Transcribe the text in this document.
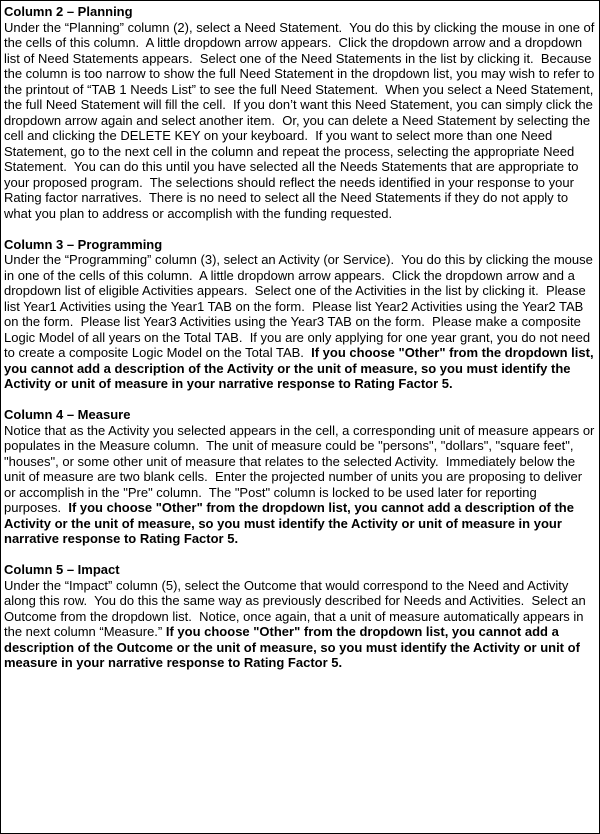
Column 2 – Planning

Under the “Planning” column (2), select a Need Statement.  You do this by clicking the mouse in one of the cells of this column.  A little dropdown arrow appears.  Click the dropdown arrow and a dropdown list of Need Statements appears.  Select one of the Need Statements in the list by clicking it.  Because the column is too narrow to show the full Need Statement in the dropdown list, you may wish to refer to the printout of “TAB 1 Needs List” to see the full Need Statement.  When you select a Need Statement, the full Need Statement will fill the cell.  If you don’t want this Need Statement, you can simply click the dropdown arrow again and select another item.  Or, you can delete a Need Statement by selecting the cell and clicking the DELETE KEY on your keyboard.  If you want to select more than one Need Statement, go to the next cell in the column and repeat the process, selecting the appropriate Need Statement.  You can do this until you have selected all the Needs Statements that are appropriate to your proposed program.  The selections should reflect the needs identified in your response to your Rating factor narratives.  There is no need to select all the Need Statements if they do not apply to what you plan to address or accomplish with the funding requested.

Column 3 – Programming

Under the “Programming” column (3), select an Activity (or Service).  You do this by clicking the mouse in one of the cells of this column.  A little dropdown arrow appears.  Click the dropdown arrow and a dropdown list of eligible Activities appears.  Select one of the Activities in the list by clicking it.  Please list Year1 Activities using the Year1 TAB on the form.  Please list Year2 Activities using the Year2 TAB on the form.  Please list Year3 Activities using the Year3 TAB on the form.  Please make a composite Logic Model of all years on the Total TAB.  If you are only applying for one year grant, you do not need to create a composite Logic Model on the Total TAB.  If you choose "Other" from the dropdown list, you cannot add a description of the Activity or the unit of measure, so you must identify the Activity or unit of measure in your narrative response to Rating Factor 5.

Column 4 – Measure

Notice that as the Activity you selected appears in the cell, a corresponding unit of measure appears or populates in the Measure column.  The unit of measure could be "persons", "dollars", "square feet", "houses", or some other unit of measure that relates to the selected Activity.  Immediately below the unit of measure are two blank cells.  Enter the projected number of units you are proposing to deliver or accomplish in the "Pre" column.  The "Post" column is locked to be used later for reporting purposes.  If you choose "Other" from the dropdown list, you cannot add a description of the Activity or the unit of measure, so you must identify the Activity or unit of measure in your narrative response to Rating Factor 5.

Column 5 – Impact

Under the “Impact” column (5), select the Outcome that would correspond to the Need and Activity along this row.  You do this the same way as previously described for Needs and Activities.  Select an Outcome from the dropdown list.  Notice, once again, that a unit of measure automatically appears in the next column “Measure.” If you choose "Other" from the dropdown list, you cannot add a description of the Outcome or the unit of measure, so you must identify the Activity or unit of measure in your narrative response to Rating Factor 5.
